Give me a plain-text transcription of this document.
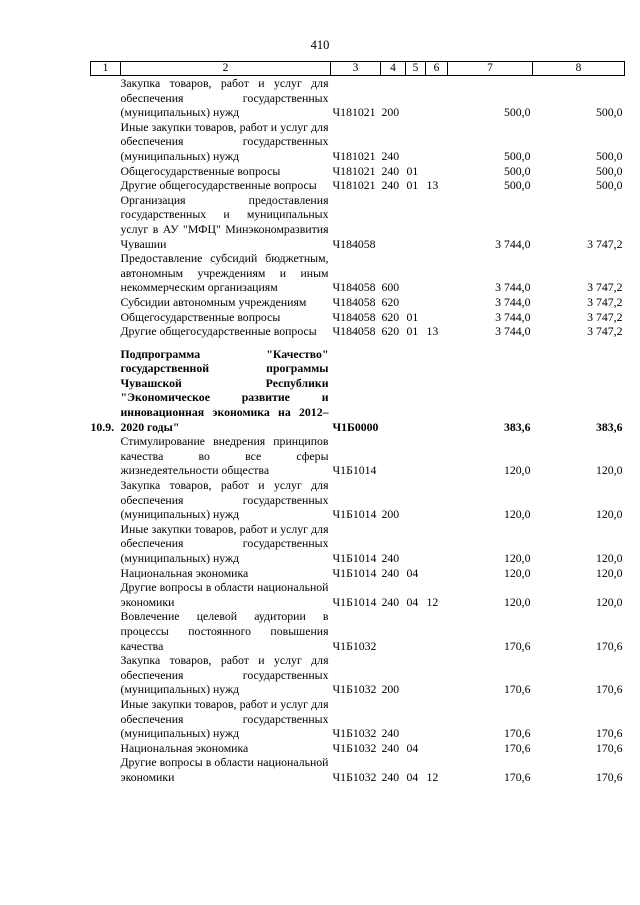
410
1	2	3	4	5	6	7	8
	Закупка товаров, работ и услуг для обеспечения государственных (муниципальных) нужд	Ч181021	200			500,0	500,0
	Иные закупки товаров, работ и услуг для обеспечения государственных (муниципальных) нужд	Ч181021	240			500,0	500,0
	Общегосударственные вопросы	Ч181021	240	01		500,0	500,0
	Другие общегосударственные вопросы	Ч181021	240	01	13	500,0	500,0
	Организация предоставления государственных и муниципальных услуг в АУ "МФЦ" Минэкономразвития Чувашии	Ч184058				3 744,0	3 747,2
	Предоставление субсидий бюджетным, автономным учреждениям и иным некоммерческим организациям	Ч184058	600			3 744,0	3 747,2
	Субсидии автономным учреждениям	Ч184058	620			3 744,0	3 747,2
	Общегосударственные вопросы	Ч184058	620	01		3 744,0	3 747,2
	Другие общегосударственные вопросы	Ч184058	620	01	13	3 744,0	3 747,2

10.9.	Подпрограмма "Качество" государственной программы Чувашской Республики "Экономическое развитие и инновационная экономика на 2012–2020 годы"	Ч1Б0000				383,6	383,6
	Стимулирование внедрения принципов качества во все сферы жизнедеятельности общества	Ч1Б1014				120,0	120,0
	Закупка товаров, работ и услуг для обеспечения государственных (муниципальных) нужд	Ч1Б1014	200			120,0	120,0
	Иные закупки товаров, работ и услуг для обеспечения государственных (муниципальных) нужд	Ч1Б1014	240			120,0	120,0
	Национальная экономика	Ч1Б1014	240	04		120,0	120,0
	Другие вопросы в области национальной экономики	Ч1Б1014	240	04	12	120,0	120,0
	Вовлечение целевой аудитории в процессы постоянного повышения качества	Ч1Б1032				170,6	170,6
	Закупка товаров, работ и услуг для обеспечения государственных (муниципальных) нужд	Ч1Б1032	200			170,6	170,6
	Иные закупки товаров, работ и услуг для обеспечения государственных (муниципальных) нужд	Ч1Б1032	240			170,6	170,6
	Национальная экономика	Ч1Б1032	240	04		170,6	170,6
	Другие вопросы в области национальной экономики	Ч1Б1032	240	04	12	170,6	170,6
